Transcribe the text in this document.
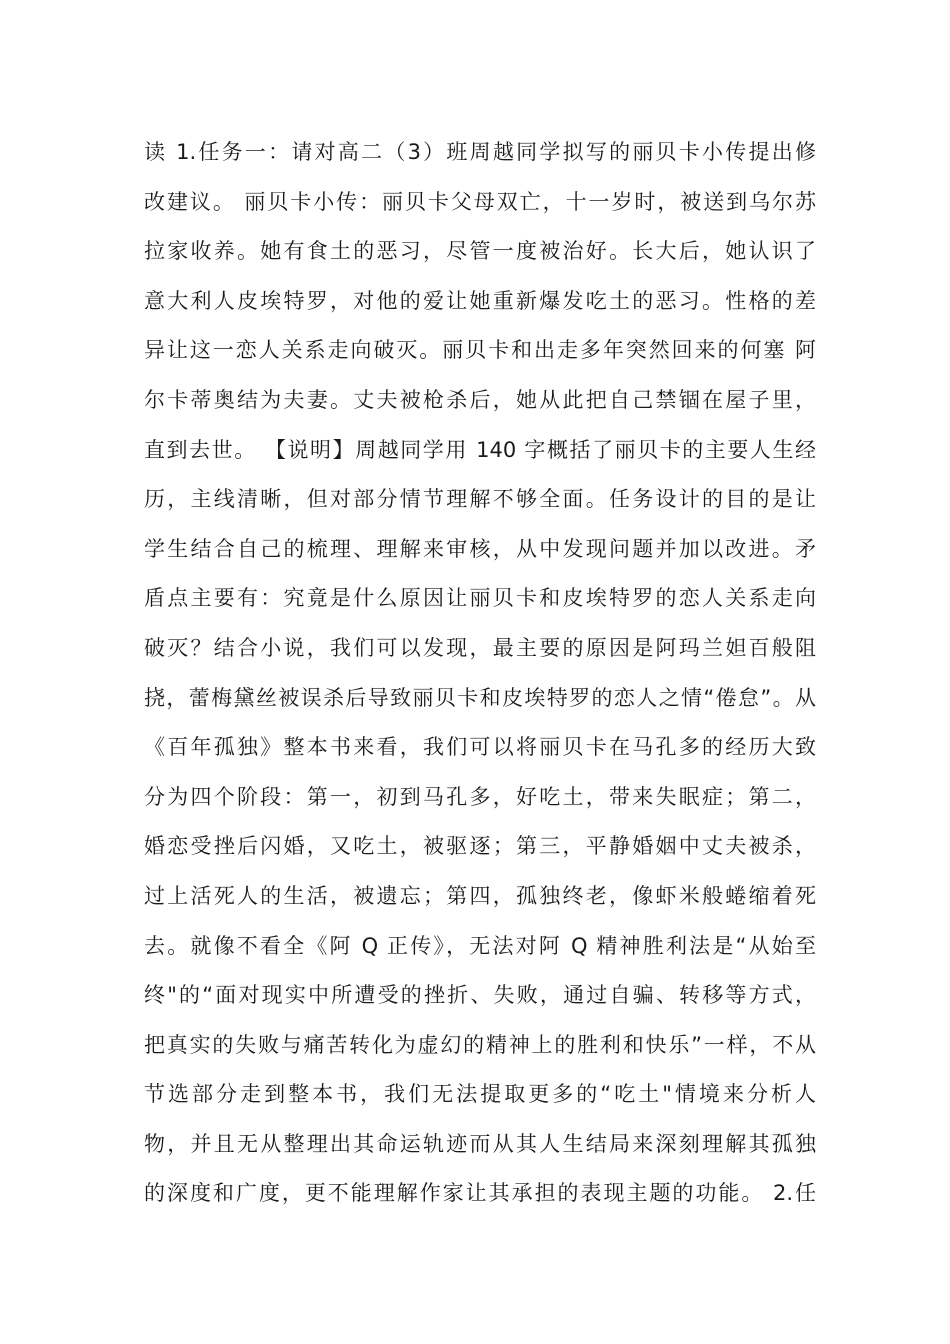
读 1.任务一：请对高二（3）班周越同学拟写的丽贝卡小传提出修
改建议。 丽贝卡小传：丽贝卡父母双亡，十一岁时，被送到乌尔苏
拉家收养。她有食土的恶习，尽管一度被治好。长大后，她认识了
意大利人皮埃特罗，对他的爱让她重新爆发吃土的恶习。性格的差
异让这一恋人关系走向破灭。丽贝卡和出走多年突然回来的何塞 阿
尔卡蒂奥结为夫妻。丈夫被枪杀后，她从此把自己禁锢在屋子里，
直到去世。 【说明】周越同学用 140 字概括了丽贝卡的主要人生经
历，主线清晰，但对部分情节理解不够全面。任务设计的目的是让
学生结合自己的梳理、理解来审核，从中发现问题并加以改进。矛
盾点主要有：究竟是什么原因让丽贝卡和皮埃特罗的恋人关系走向
破灭？结合小说，我们可以发现，最主要的原因是阿玛兰妲百般阻
挠，蕾梅黛丝被误杀后导致丽贝卡和皮埃特罗的恋人之情“倦怠”。从
《百年孤独》整本书来看，我们可以将丽贝卡在马孔多的经历大致
分为四个阶段：第一，初到马孔多，好吃土，带来失眠症；第二，
婚恋受挫后闪婚，又吃土，被驱逐；第三，平静婚姻中丈夫被杀，
过上活死人的生活，被遗忘；第四，孤独终老，像虾米般蜷缩着死
去。就像不看全《阿 Q 正传》，无法对阿 Q 精神胜利法是“从始至
终"的“面对现实中所遭受的挫折、失败，通过自骗、转移等方式，
把真实的失败与痛苦转化为虚幻的精神上的胜利和快乐”一样，不从
节选部分走到整本书，我们无法提取更多的“吃土"情境来分析人
物，并且无从整理出其命运轨迹而从其人生结局来深刻理解其孤独
的深度和广度，更不能理解作家让其承担的表现主题的功能。 2.任
